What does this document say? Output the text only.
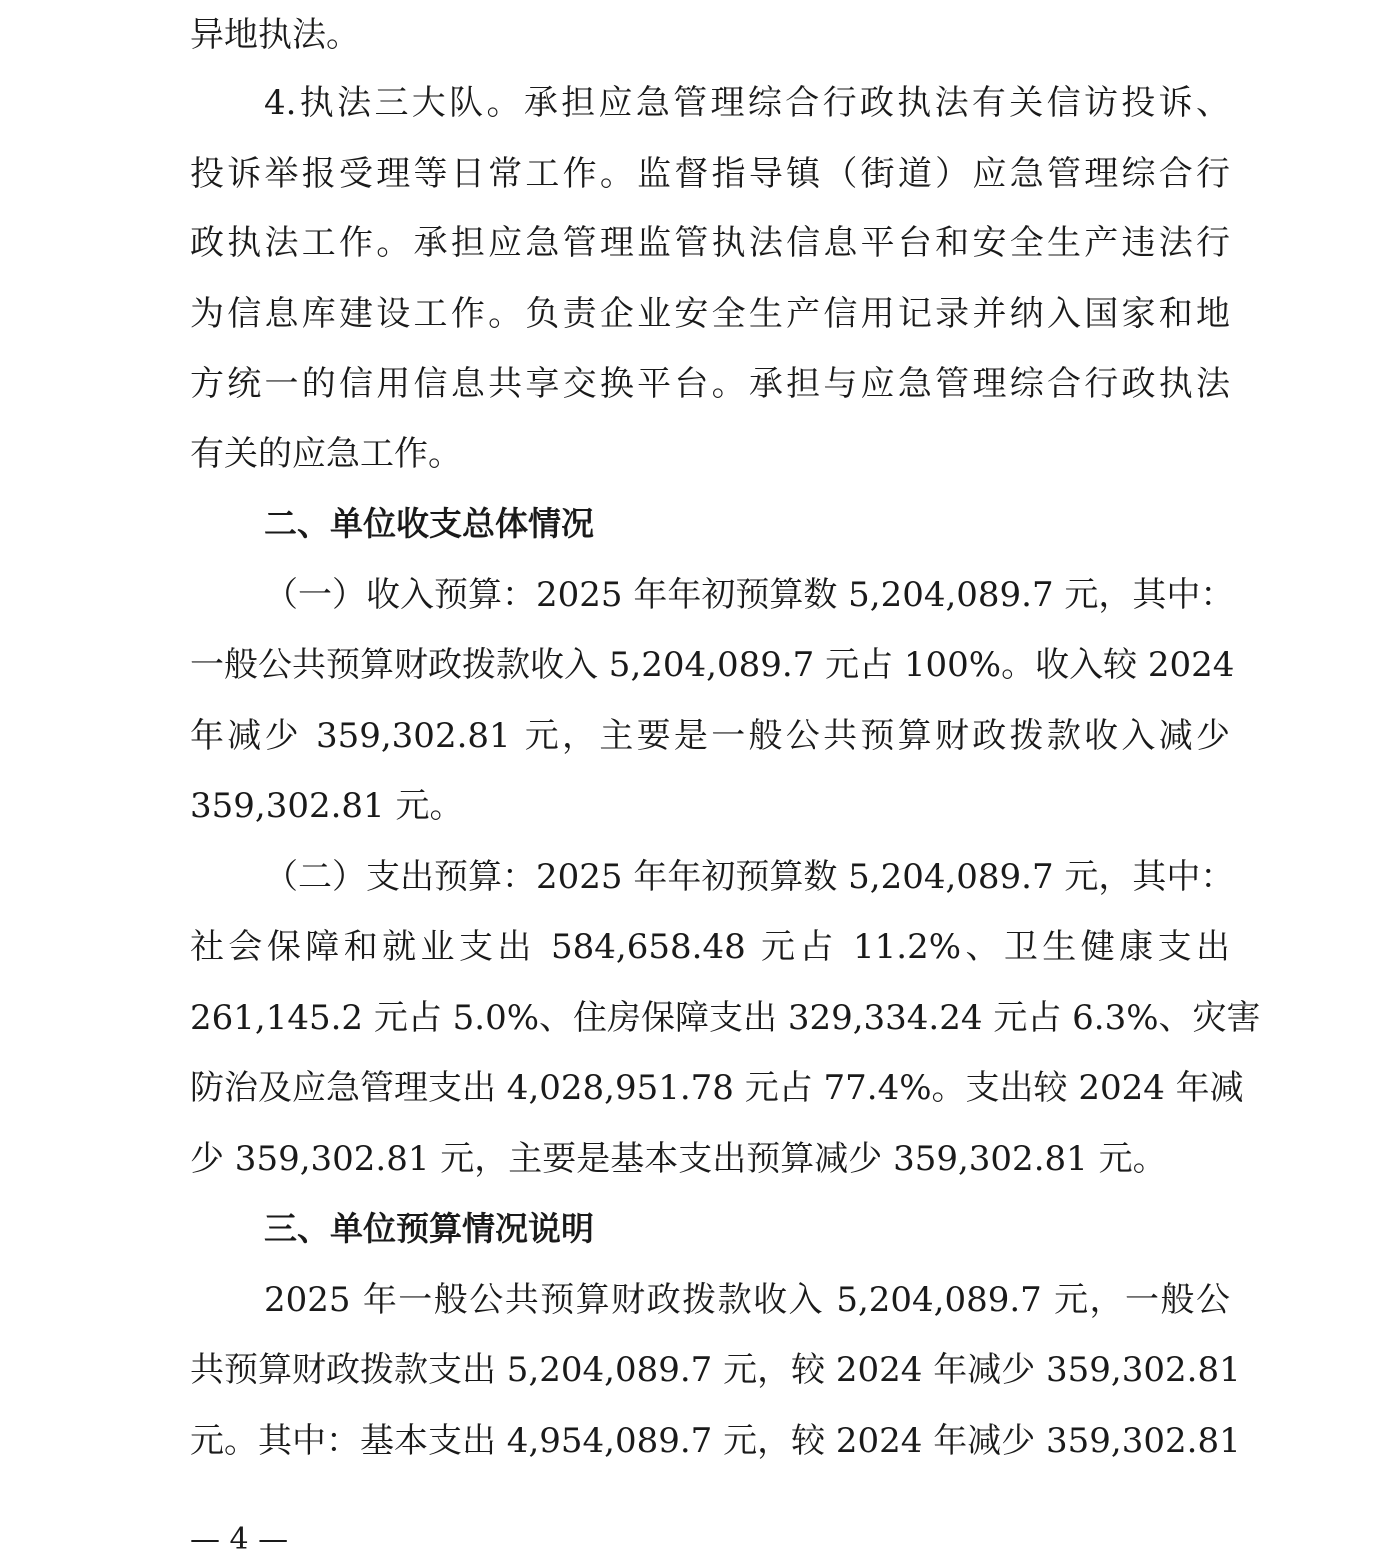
异地执法。
4.执法三大队。承担应急管理综合行政执法有关信访投诉、
投诉举报受理等日常工作。监督指导镇（街道）应急管理综合行
政执法工作。承担应急管理监管执法信息平台和安全生产违法行
为信息库建设工作。负责企业安全生产信用记录并纳入国家和地
方统一的信用信息共享交换平台。承担与应急管理综合行政执法
有关的应急工作。
二、单位收支总体情况
（一）收入预算：2025 年年初预算数 5,204,089.7 元，其中：
一般公共预算财政拨款收入 5,204,089.7 元占 100%。收入较 2024
年减少 359,302.81 元，主要是一般公共预算财政拨款收入减少
359,302.81 元。
（二）支出预算：2025 年年初预算数 5,204,089.7 元，其中：
社会保障和就业支出 584,658.48 元占 11.2%、卫生健康支出
261,145.2 元占 5.0%、住房保障支出 329,334.24 元占 6.3%、灾害
防治及应急管理支出 4,028,951.78 元占 77.4%。支出较 2024 年减
少 359,302.81 元，主要是基本支出预算减少 359,302.81 元。
三、单位预算情况说明
2025 年一般公共预算财政拨款收入 5,204,089.7 元，一般公
共预算财政拨款支出 5,204,089.7 元，较 2024 年减少 359,302.81
元。其中：基本支出 4,954,089.7 元，较 2024 年减少 359,302.81
— 4 —
